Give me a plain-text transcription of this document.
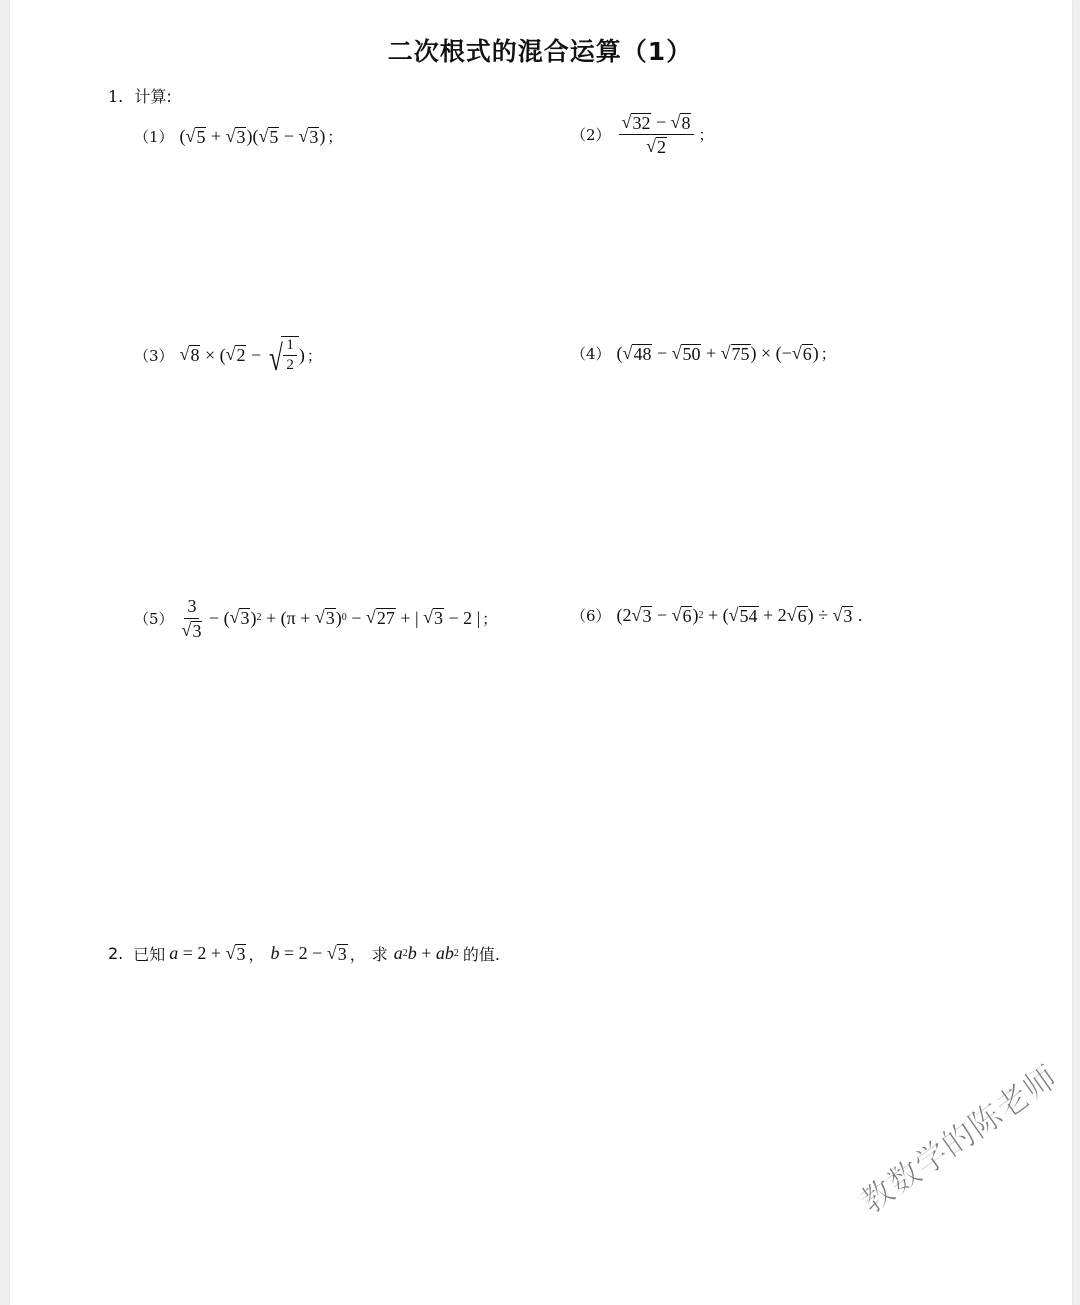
二次根式的混合运算（1）
1. 计算:
（1） ( √ 5 + √ 3 )( √ 5 − √ 3 ) ；	$(2) \frac{√ 32 - √ 8}{√ 2}$ ；
（3） √ 8 × ( √ 2 − √ $\frac{1}{2}$ ) ；	（4） ( √ 48 − √ 50 + √ 75 ) × (− √ 6 ) ；
$(5) \frac{3}{√ 3}$ − ( √ 3 ) 2 + (π + √ 3 ) 0 − √ 27 + | √ 3 − 2 | ；	（6） (2 √ 3 − √ 6 ) 2 + ( √ 54 + 2 √ 6 ) ÷ √ 3 .
2. 已知 a = 2 + √ 3 ， b = 2 − √ 3 ， 求 a 2 b + ab 2 的值.
教数学的陈老师
